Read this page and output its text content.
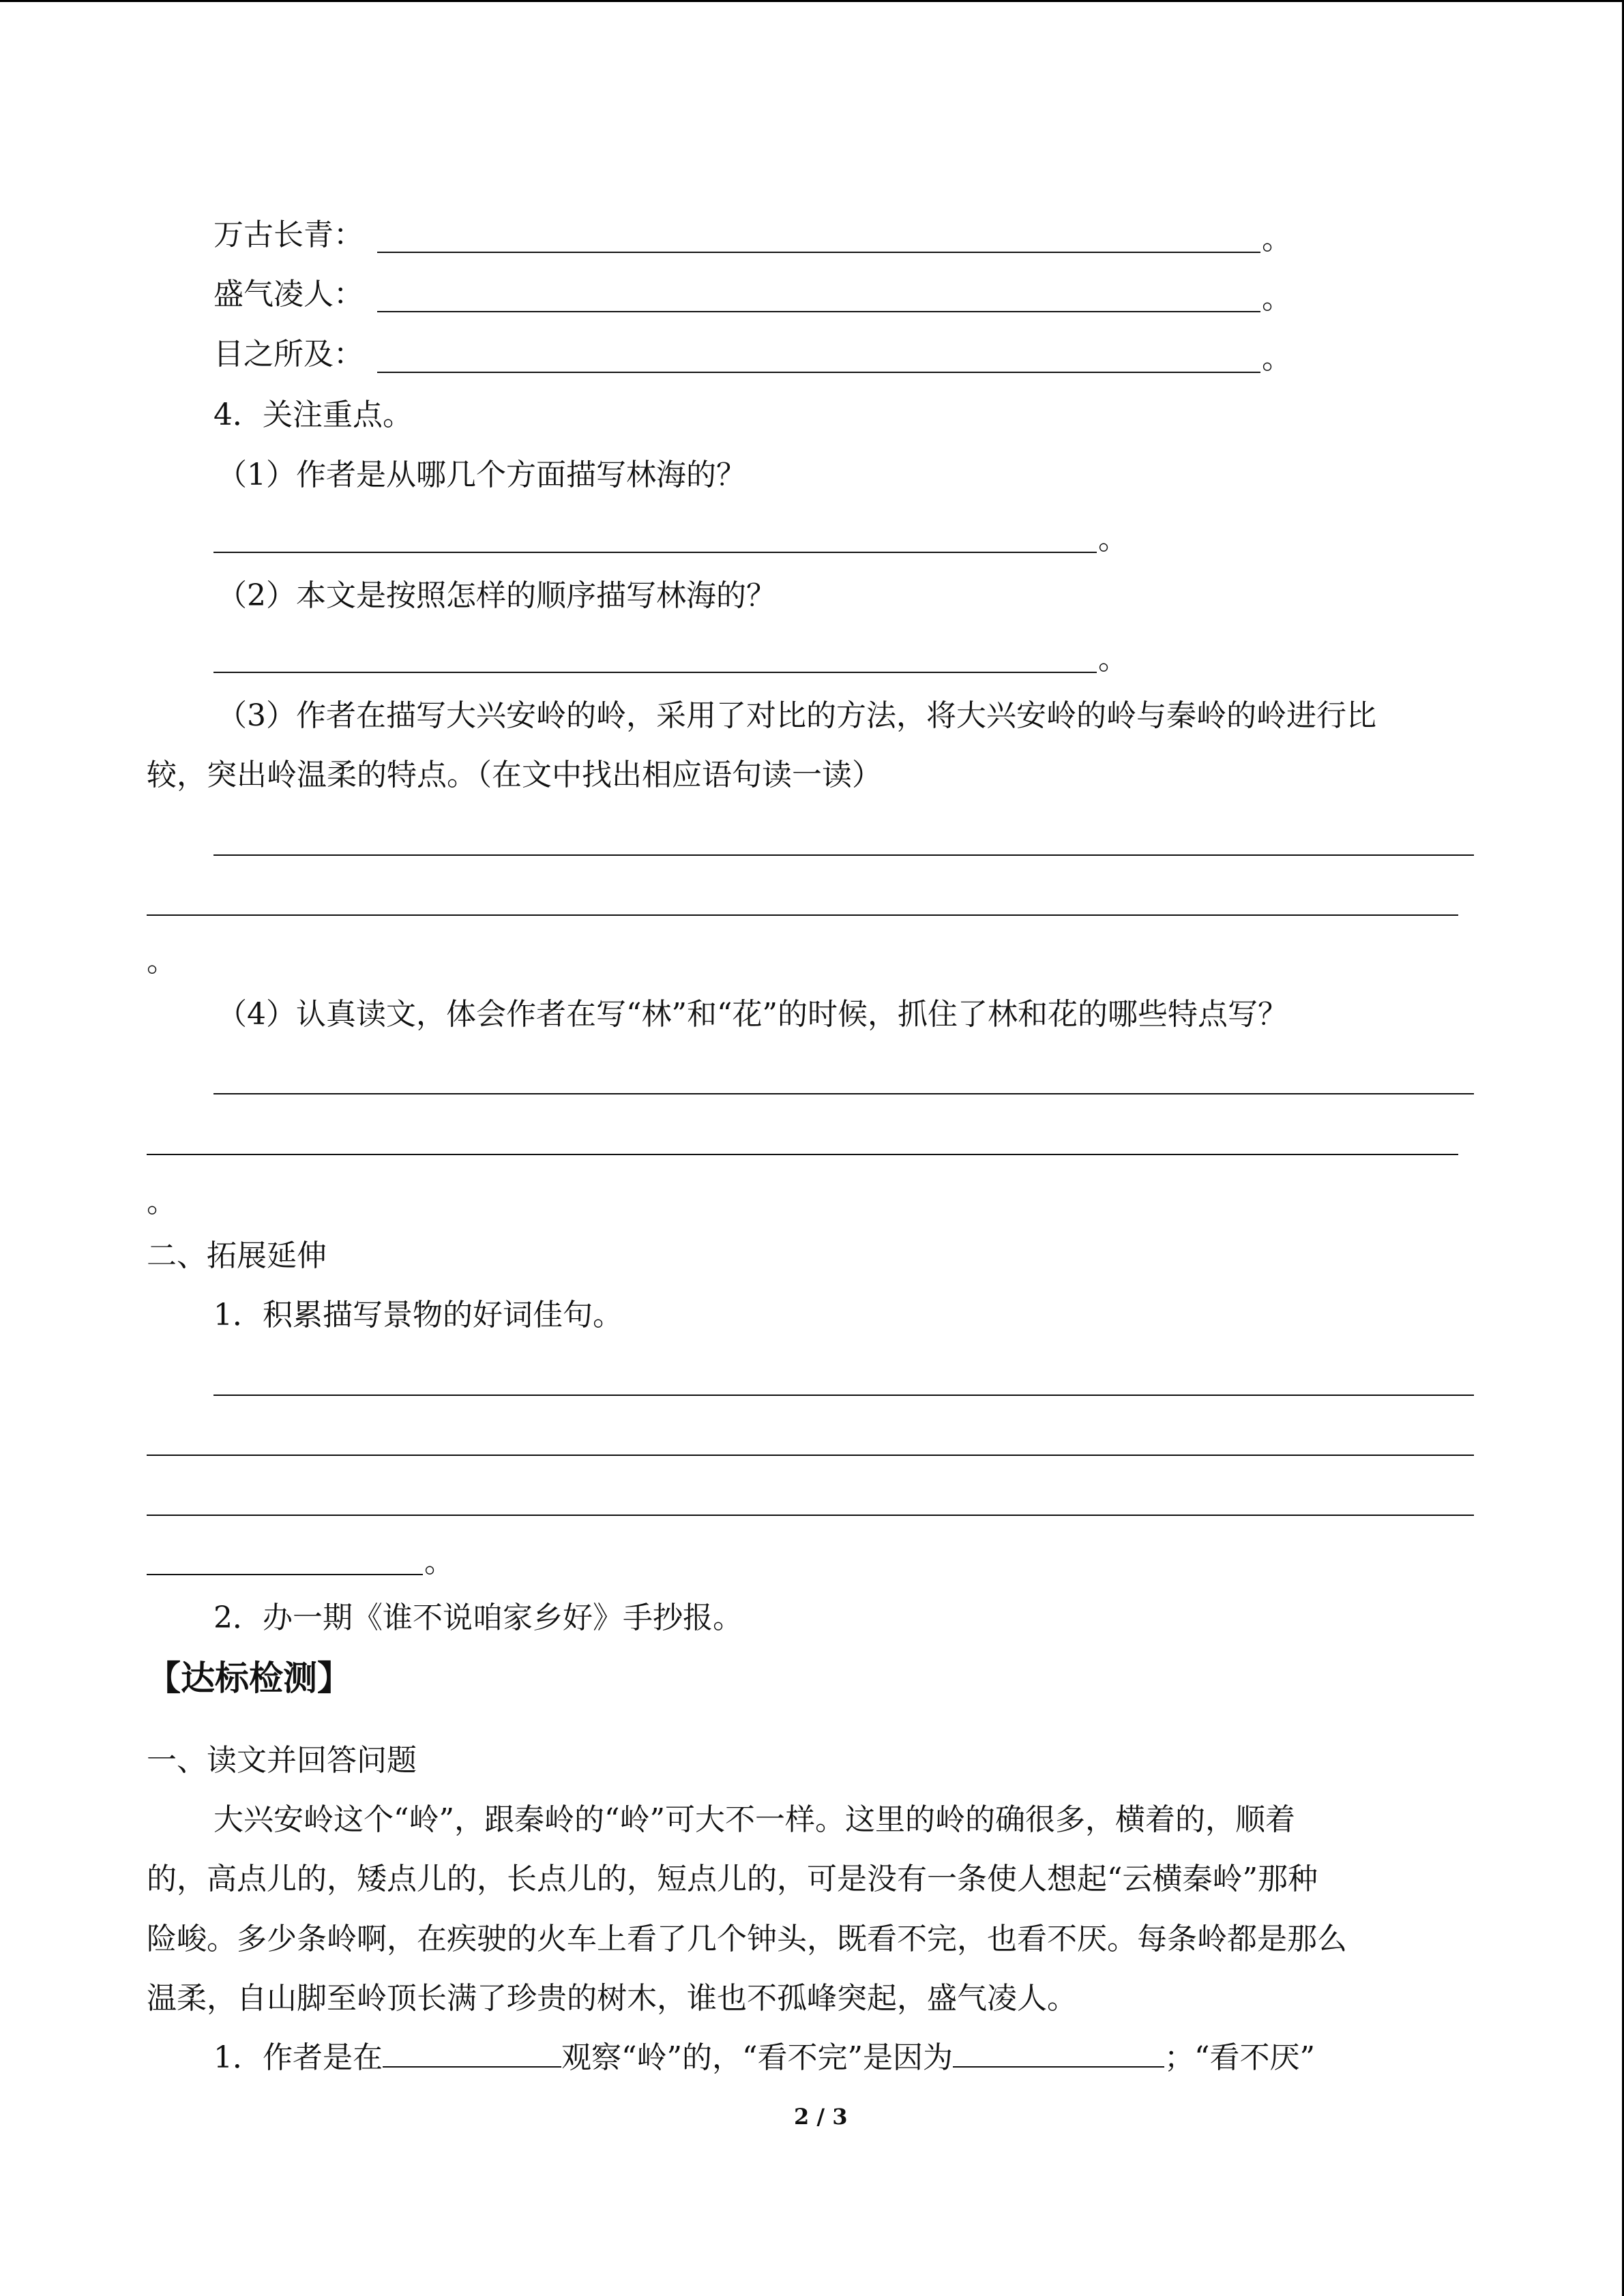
万古长青：	。
盛气凌人：	。
目之所及：	。
4．关注重点。
（1）作者是从哪几个方面描写林海的？
。
（2）本文是按照怎样的顺序描写林海的？
。
（3）作者在描写大兴安岭的岭，采用了对比的方法，将大兴安岭的岭与秦岭的岭进行比
较，突出岭温柔的特点。（在文中找出相应语句读一读）
。
（4）认真读文，体会作者在写“林”和“花”的时候，抓住了林和花的哪些特点写？
。
二、拓展延伸
1．积累描写景物的好词佳句。
。
2．办一期《谁不说咱家乡好》手抄报。
【达标检测】
一、读文并回答问题
大兴安岭这个“岭”，跟秦岭的“岭”可大不一样。这里的岭的确很多，横着的，顺着
的，高点儿的，矮点儿的，长点儿的，短点儿的，可是没有一条使人想起“云横秦岭”那种
险峻。多少条岭啊，在疾驶的火车上看了几个钟头，既看不完，也看不厌。每条岭都是那么
温柔，自山脚至岭顶长满了珍贵的树木，谁也不孤峰突起，盛气凌人。
1．作者是在	观察“岭”的，“看不完”是因为	；“看不厌”
2 / 3
